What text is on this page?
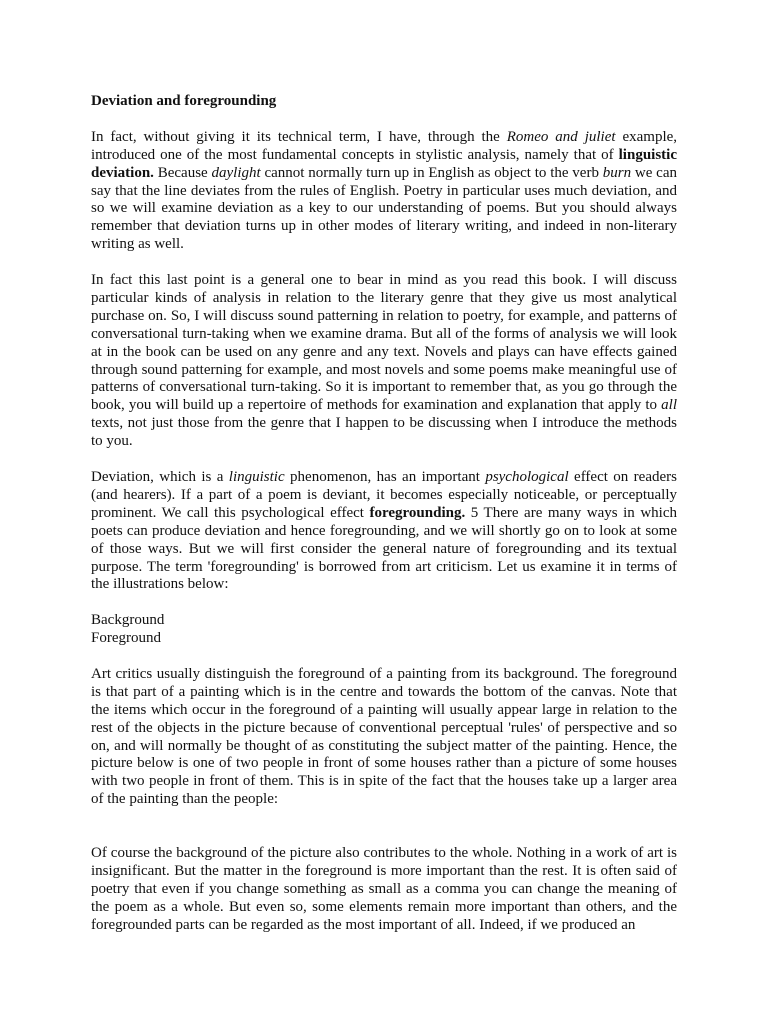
Deviation and foregrounding

In fact, without giving it its technical term, I have, through the Romeo and juliet example, introduced one of the most fundamental concepts in stylistic analysis, namely that of linguistic deviation. Because daylight cannot normally turn up in English as object to the verb burn we can say that the line deviates from the rules of English. Poetry in particular uses much deviation, and so we will examine deviation as a key to our understanding of poems. But you should always remember that deviation turns up in other modes of literary writing, and indeed in non-literary writing as well.

In fact this last point is a general one to bear in mind as you read this book. I will discuss particular kinds of analysis in relation to the literary genre that they give us most analytical purchase on. So, I will discuss sound patterning in relation to poetry, for example, and patterns of conversational turn-taking when we examine drama. But all of the forms of analysis we will look at in the book can be used on any genre and any text. Novels and plays can have effects gained through sound patterning for example, and most novels and some poems make meaningful use of patterns of conversational turn-taking. So it is important to remember that, as you go through the book, you will build up a repertoire of methods for examination and explanation that apply to all texts, not just those from the genre that I happen to be discussing when I introduce the methods to you.

Deviation, which is a linguistic phenomenon, has an important psychological effect on readers (and hearers). If a part of a poem is deviant, it becomes especially noticeable, or perceptually prominent. We call this psychological effect foregrounding. 5 There are many ways in which poets can produce deviation and hence foregrounding, and we will shortly go on to look at some of those ways. But we will first consider the general nature of foregrounding and its textual purpose. The term 'foregrounding' is borrowed from art criticism. Let us examine it in terms of the illustrations below:

Background
Foreground

Art critics usually distinguish the foreground of a painting from its background. The foreground is that part of a painting which is in the centre and towards the bottom of the canvas. Note that the items which occur in the foreground of a painting will usually appear large in relation to the rest of the objects in the picture because of conventional perceptual 'rules' of perspective and so on, and will normally be thought of as constituting the subject matter of the painting. Hence, the picture below is one of two people in front of some houses rather than a picture of some houses with two people in front of them. This is in spite of the fact that the houses take up a larger area of the painting than the people:

Of course the background of the picture also contributes to the whole. Nothing in a work of art is insignificant. But the matter in the foreground is more important than the rest. It is often said of poetry that even if you change something as small as a comma you can change the meaning of the poem as a whole. But even so, some elements remain more important than others, and the foregrounded parts can be regarded as the most important of all. Indeed, if we produced an
